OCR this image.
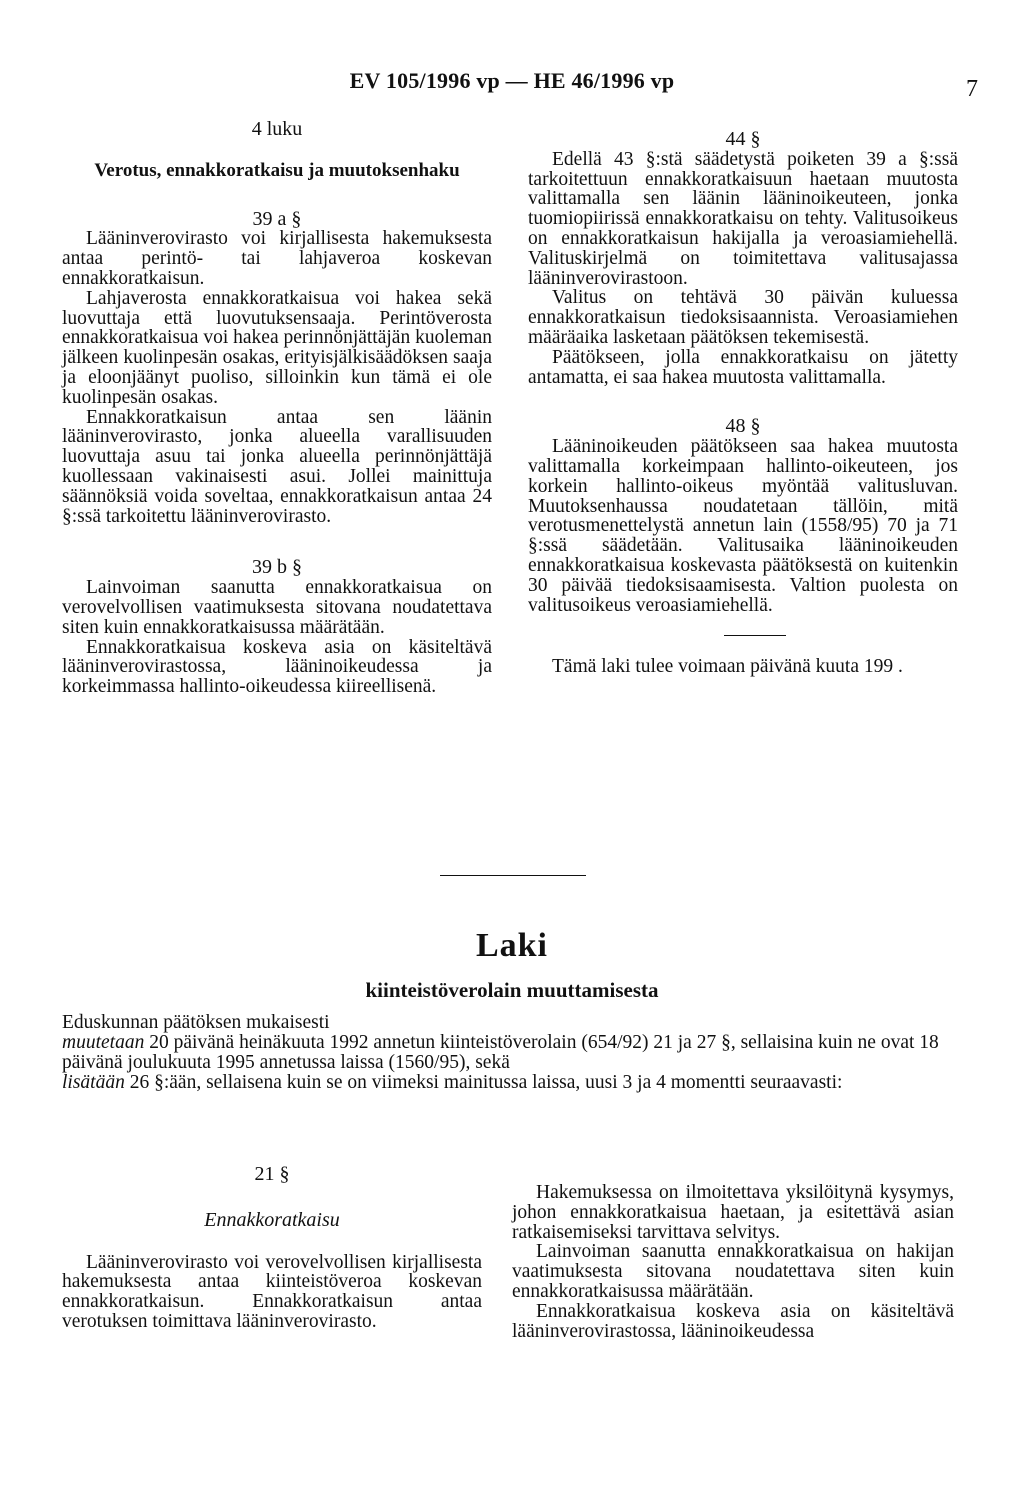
EV 105/1996 vp — HE 46/1996 vp	7
4 luku
Verotus, ennakkoratkaisu ja muutoksenhaku
39 a §

Lääninverovirasto voi kirjallisesta hakemuksesta antaa perintö- tai lahjaveroa koskevan ennakkoratkaisun.

Lahjaverosta ennakkoratkaisua voi hakea sekä luovuttaja että luovutuksensaaja. Perintöverosta ennakkoratkaisua voi hakea perinnönjättäjän kuoleman jälkeen kuolinpesän osakas, erityisjälkisäädöksen saaja ja eloonjäänyt puoliso, silloinkin kun tämä ei ole kuolinpesän osakas.

Ennakkoratkaisun antaa sen läänin lääninverovirasto, jonka alueella varallisuuden luovuttaja asuu tai jonka alueella perinnönjättäjä kuollessaan vakinaisesti asui. Jollei mainittuja säännöksiä voida soveltaa, ennakkoratkaisun antaa 24 §:ssä tarkoitettu lääninverovirasto.

39 b §

Lainvoiman saanutta ennakkoratkaisua on verovelvollisen vaatimuksesta sitovana noudatettava siten kuin ennakkoratkaisussa määrätään.

Ennakkoratkaisua koskeva asia on käsiteltävä lääninverovirastossa, lääninoikeudessa ja korkeimmassa hallinto-oikeudessa kiireellisenä.

44 §

Edellä 43 §:stä säädetystä poiketen 39 a §:ssä tarkoitettuun ennakkoratkaisuun haetaan muutosta valittamalla sen läänin lääninoikeuteen, jonka tuomiopiirissä ennakkoratkaisu on tehty. Valitusoikeus on ennakkoratkaisun hakijalla ja veroasiamiehellä. Valituskirjelmä on toimitettava valitusajassa lääninverovirastoon.

Valitus on tehtävä 30 päivän kuluessa ennakkoratkaisun tiedoksisaannista. Veroasiamiehen määräaika lasketaan päätöksen tekemisestä.

Päätökseen, jolla ennakkoratkaisu on jätetty antamatta, ei saa hakea muutosta valittamalla.

48 §

Lääninoikeuden päätökseen saa hakea muutosta valittamalla korkeimpaan hallinto-oikeuteen, jos korkein hallinto-oikeus myöntää valitusluvan. Muutoksenhaussa noudatetaan tällöin, mitä verotusmenettelystä annetun lain (1558/95) 70 ja 71 §:ssä säädetään. Valitusaika lääninoikeuden ennakkoratkaisua koskevasta päätöksestä on kuitenkin 30 päivää tiedoksisaamisesta. Valtion puolesta on valitusoikeus veroasiamiehellä.

Tämä laki tulee voimaan päivänä kuuta 199 .

Laki
kiinteistöverolain muuttamisesta

Eduskunnan päätöksen mukaisesti

muutetaan 20 päivänä heinäkuuta 1992 annetun kiinteistöverolain (654/92) 21 ja 27 §, sellaisina kuin ne ovat 18 päivänä joulukuuta 1995 annetussa laissa (1560/95), sekä

lisätään 26 §:ään, sellaisena kuin se on viimeksi mainitussa laissa, uusi 3 ja 4 momentti seuraavasti:

21 §
Ennakkoratkaisu

Lääninverovirasto voi verovelvollisen kirjallisesta hakemuksesta antaa kiinteistöveroa koskevan ennakkoratkaisun. Ennakkoratkaisun antaa verotuksen toimittava lääninverovirasto.

Hakemuksessa on ilmoitettava yksilöitynä kysymys, johon ennakkoratkaisua haetaan, ja esitettävä asian ratkaisemiseksi tarvittava selvitys.

Lainvoiman saanutta ennakkoratkaisua on hakijan vaatimuksesta sitovana noudatettava siten kuin ennakkoratkaisussa määrätään.

Ennakkoratkaisua koskeva asia on käsiteltävä lääninverovirastossa, lääninoikeudessa
